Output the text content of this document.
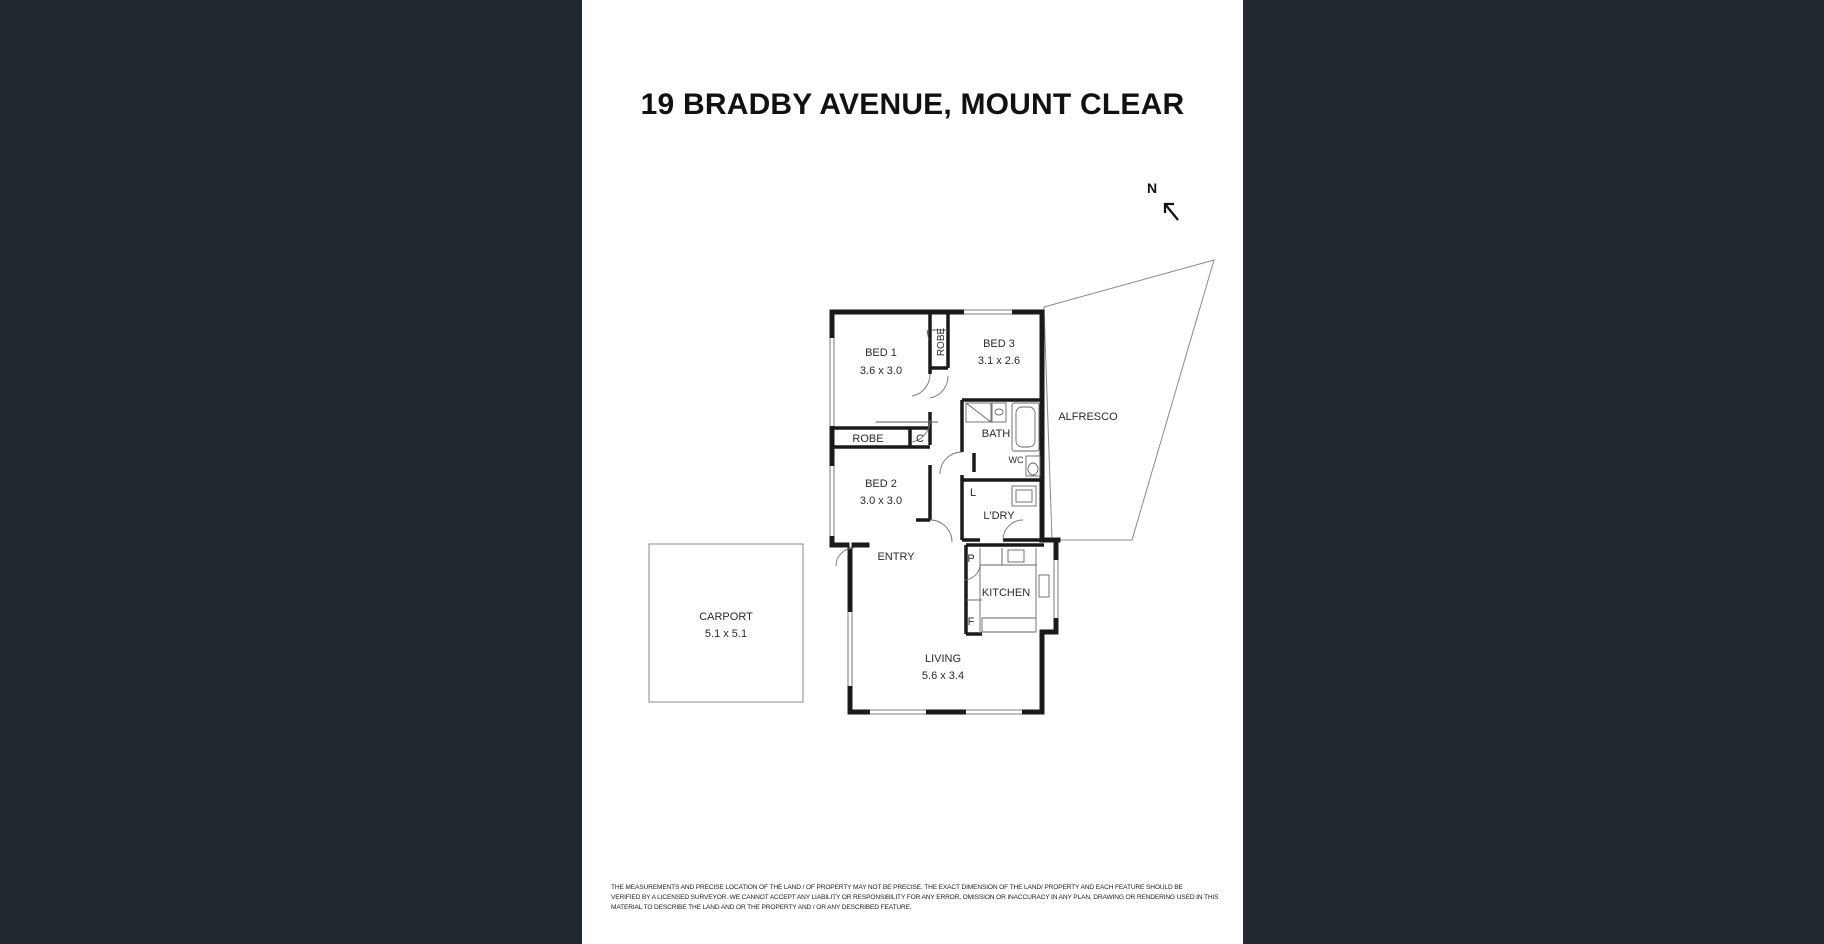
19 BRADBY AVENUE, MOUNT CLEAR
N
BED 1
3.6 x 3.0
BED 3
3.1 x 2.6
BED 2
3.0 x 3.0
CARPORT
5.1 x 5.1
LIVING
5.6 x 3.4
ROBE
ROBE	C	BATH
WC
L
L'DRY
ALFRESCO
ENTRY	P
KITCHEN
F
THE MEASUREMENTS AND PRECISE LOCATION OF THE LAND / OF PROPERTY MAY NOT BE PRECISE. THE EXACT DIMENSION OF THE LAND/ PROPERTY AND EACH FEATURE SHOULD BE
VERIFIED BY A LICENSED SURVEYOR. WE CANNOT ACCEPT ANY LIABILITY OR RESPONSIBILITY FOR ANY ERROR, OMISSION OR INACCURACY IN ANY PLAN, DRAWING OR RENDERING USED IN THIS
MATERIAL TO DESCRIBE THE LAND AND OR THE PROPERTY AND / OR ANY DESCRIBED FEATURE.
